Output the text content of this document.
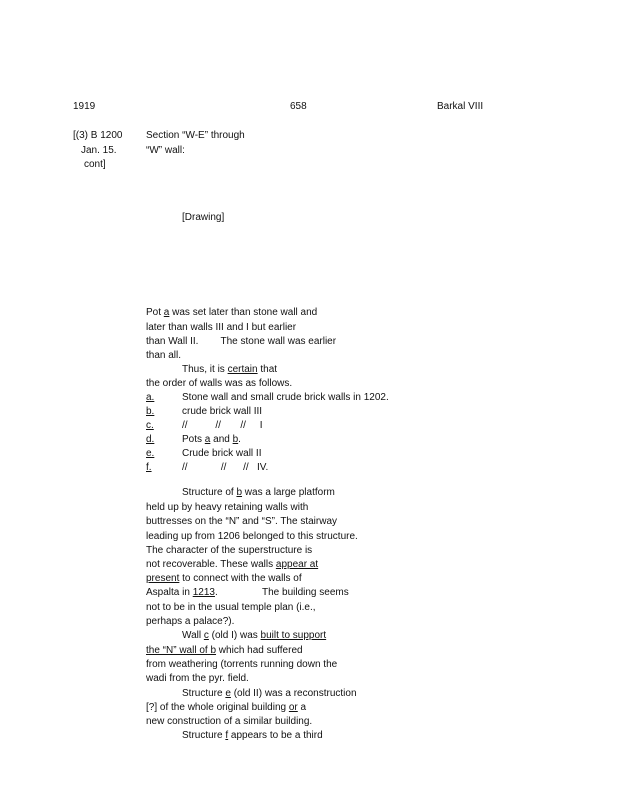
1919	658	Barkal VIII
[(3) B 1200
Jan. 15.
cont]
Section “W-E” through
“W” wall:
[Drawing]
Pot a was set later than stone wall and
later than walls III and I but earlier
than Wall II.        The stone wall was earlier
than all.
Thus, it is certain that
the order of walls was as follows.
a.	Stone wall and small crude brick walls in 1202.
b.	crude brick wall III
c.	//          //       //     I
d.	Pots a and b.
e.	Crude brick wall II
f.	//            //      //   IV.
Structure of b was a large platform
held up by heavy retaining walls with
buttresses on the “N” and “S”. The stairway
leading up from 1206 belonged to this structure.
The character of the superstructure is
not recoverable. These walls appear at
present to connect with the walls of
Aspalta in 1213.                The building seems
not to be in the usual temple plan (i.e.,
perhaps a palace?).
Wall c (old I) was built to support
the “N” wall of b which had suffered
from weathering (torrents running down the
wadi from the pyr. field.
Structure e (old II) was a reconstruction
[?] of the whole original building or a
new construction of a similar building.
Structure f appears to be a third
